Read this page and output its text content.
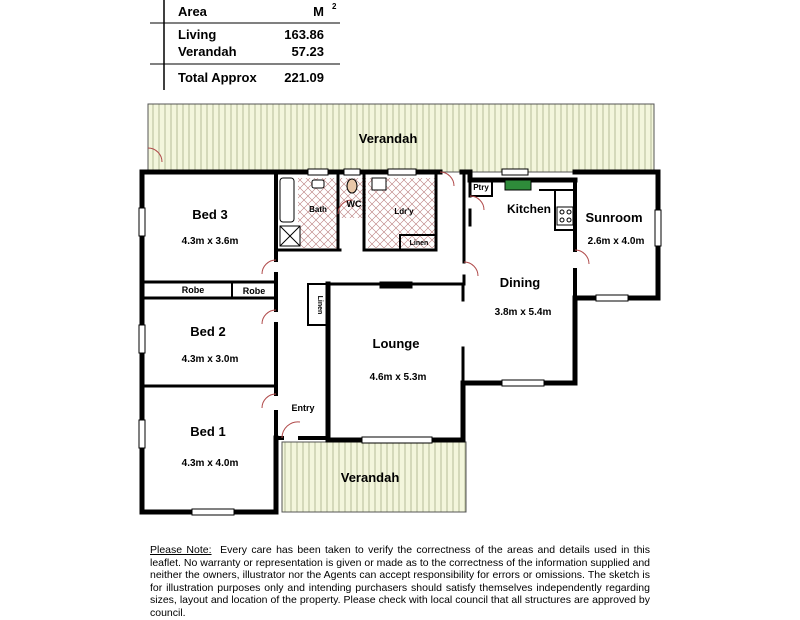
Area	M
Living	163.86
Verandah	57.23
Total Approx 221.09
2
Verandah
Verandah
Bed 3
4.3m x 3.6m
Robe	Robe
Bed 2
4.3m x 3.0m
Bed 1
4.3m x 4.0m
Bath
WC
Ldr'y
Linen
Linen
Ptry
Kitchen
Sunroom
2.6m x 4.0m
Dining
3.8m x 5.4m
Lounge
4.6m x 5.3m
Entry
Please Note: Every care has been taken to verify the correctness of the areas and details used in this leaflet. No warranty or representation is given or made as to the correctness of the information supplied and neither the owners, illustrator nor the Agents can accept responsibility for errors or omissions. The sketch is for illustration purposes only and intending purchasers should satisfy themselves independently regarding sizes, layout and location of the property. Please check with local council that all structures are approved by council.
